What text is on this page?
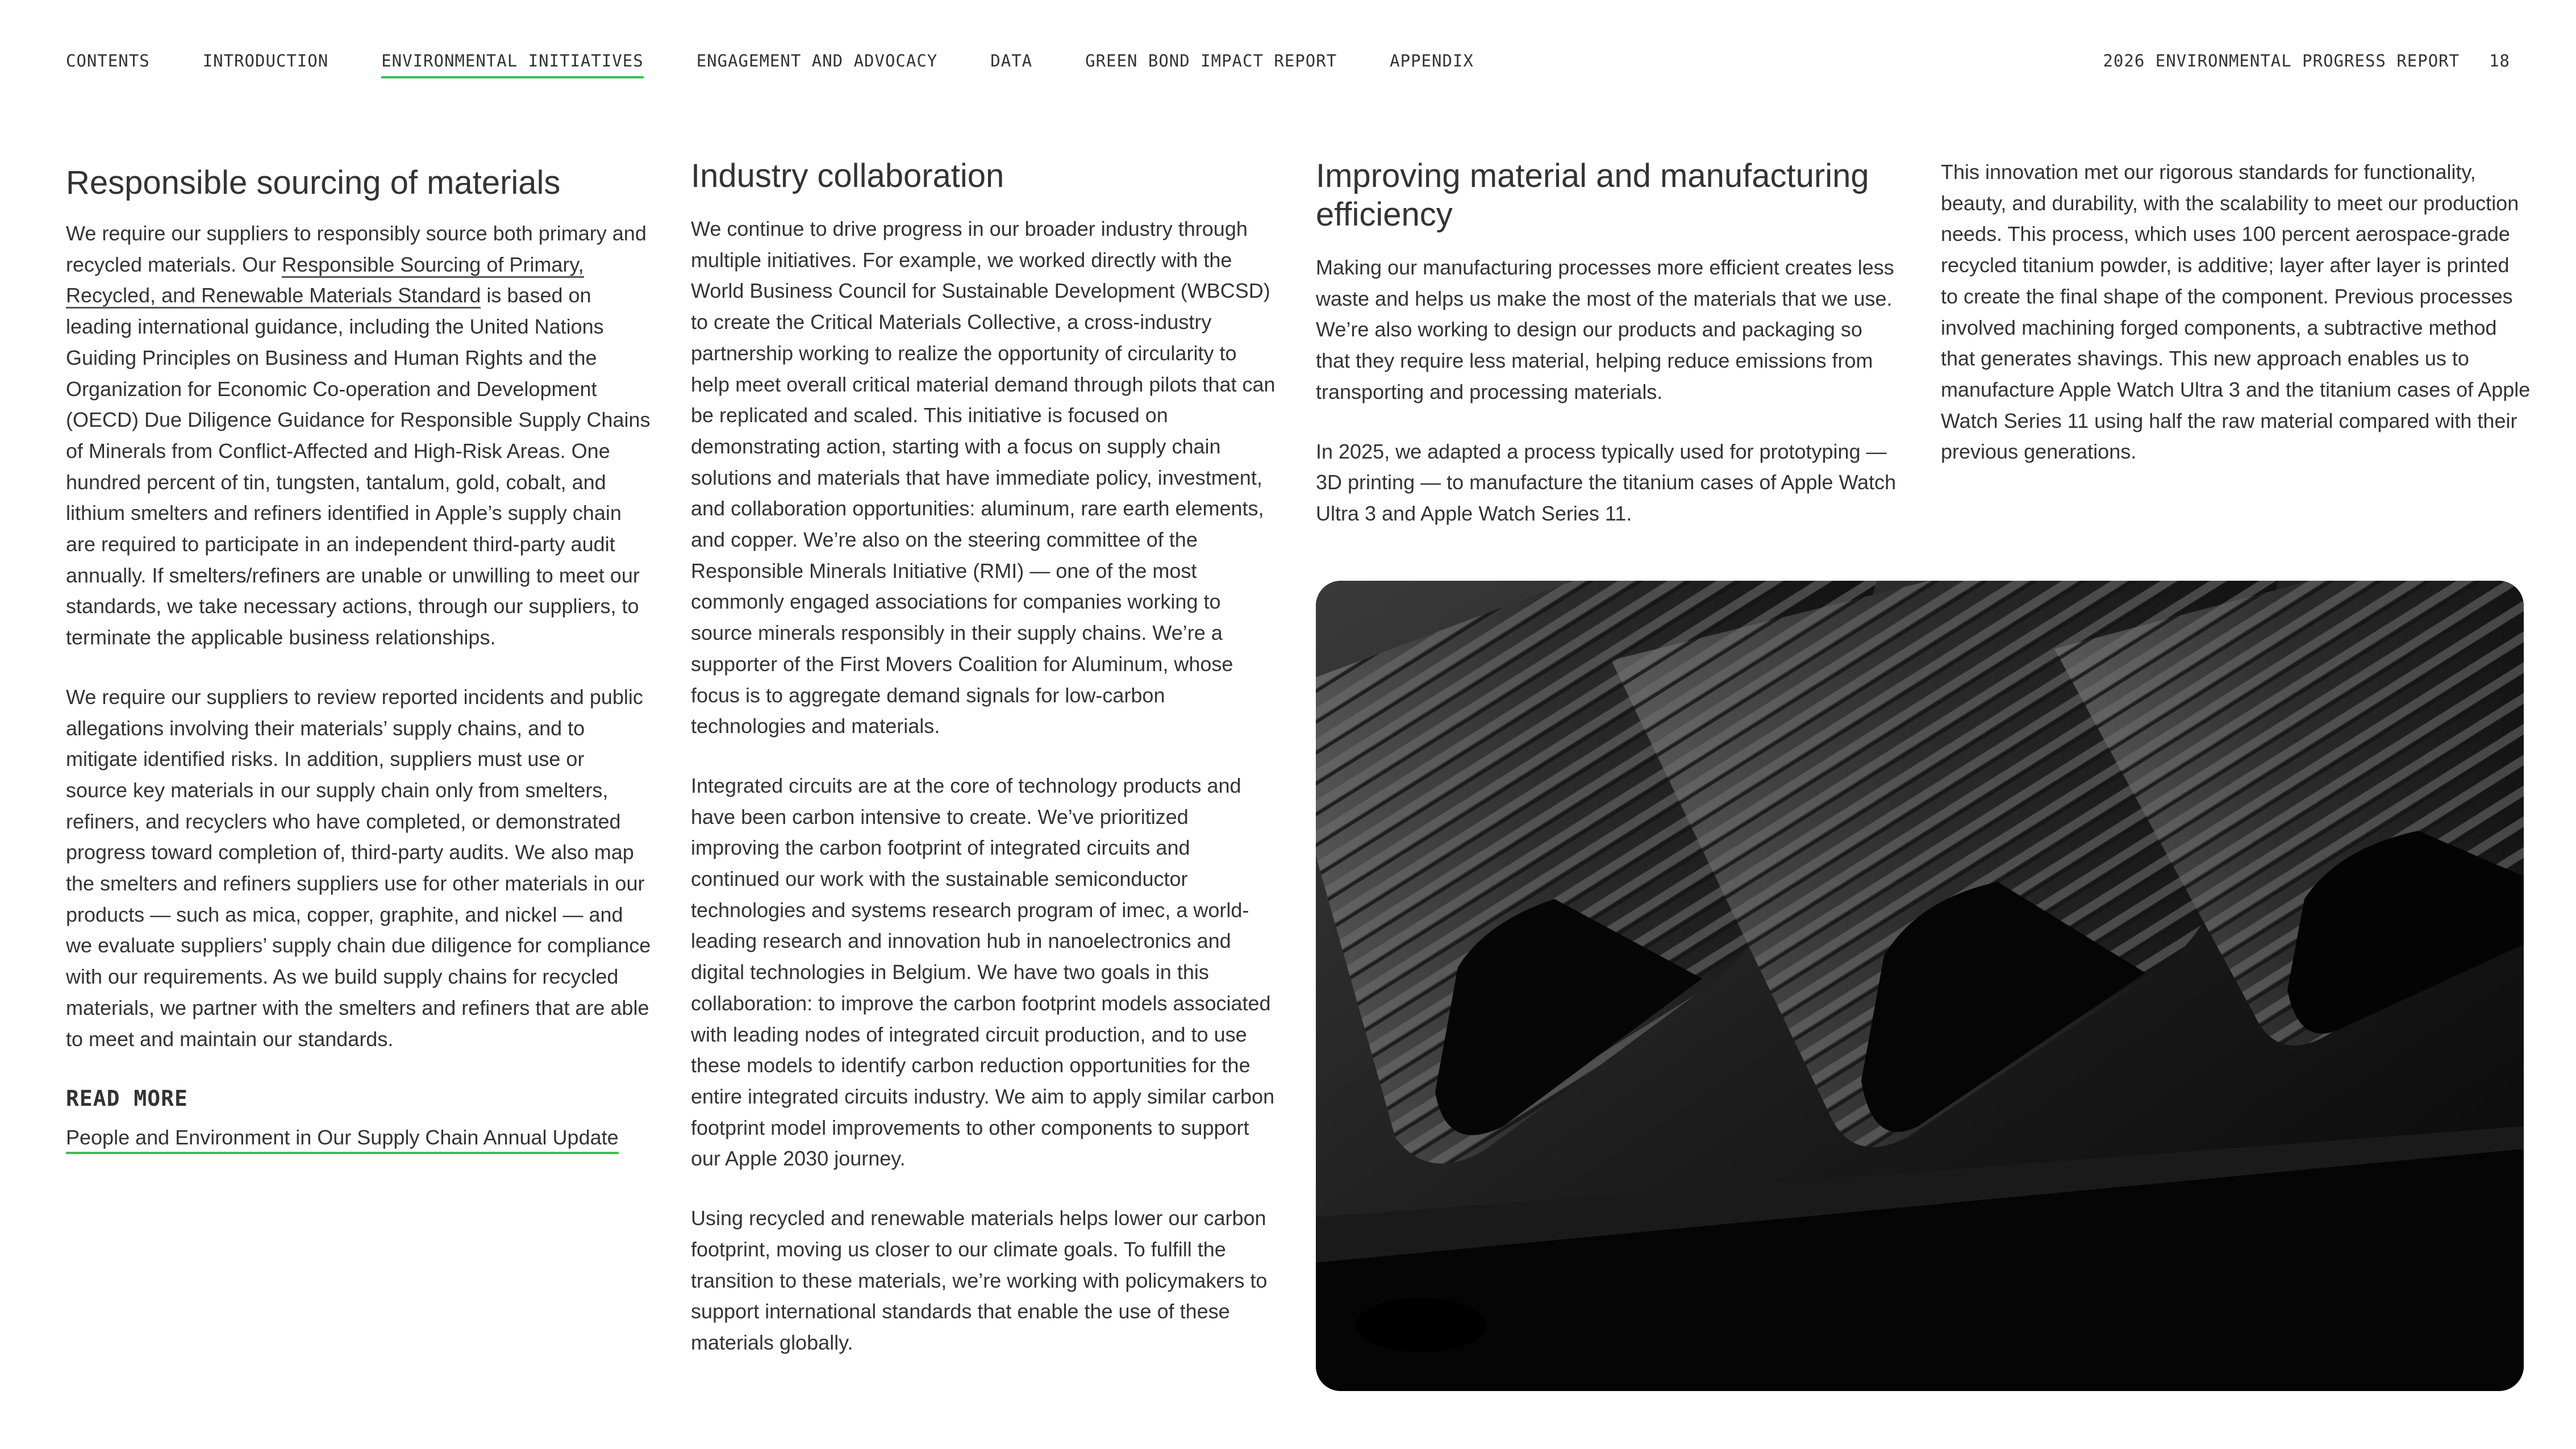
CONTENTS	INTRODUCTION	ENVIRONMENTAL INITIATIVES	ENGAGEMENT AND ADVOCACY	DATA	GREEN BOND IMPACT REPORT	APPENDIX	2026 ENVIRONMENTAL PROGRESS REPORT 18
Responsible sourcing of materials

We require our suppliers to responsibly source both primary and recycled materials. Our Responsible Sourcing of Primary, Recycled, and Renewable Materials Standard is based on leading international guidance, including the United Nations Guiding Principles on Business and Human Rights and the Organization for Economic Co-operation and Development (OECD) Due Diligence Guidance for Responsible Supply Chains of Minerals from Conflict-Affected and High-Risk Areas. One hundred percent of tin, tungsten, tantalum, gold, cobalt, and lithium smelters and refiners identified in Apple’s supply chain are required to participate in an independent third-party audit annually. If smelters/refiners are unable or unwilling to meet our standards, we take necessary actions, through our suppliers, to terminate the applicable business relationships.

We require our suppliers to review reported incidents and public allegations involving their materials’ supply chains, and to mitigate identified risks. In addition, suppliers must use or source key materials in our supply chain only from smelters, refiners, and recyclers who have completed, or demonstrated progress toward completion of, third-party audits. We also map the smelters and refiners suppliers use for other materials in our products — such as mica, copper, graphite, and nickel — and we evaluate suppliers’ supply chain due diligence for compliance with our requirements. As we build supply chains for recycled materials, we partner with the smelters and refiners that are able to meet and maintain our standards.

READ MORE
People and Environment in Our Supply Chain Annual Update
Industry collaboration

We continue to drive progress in our broader industry through multiple initiatives. For example, we worked directly with the World Business Council for Sustainable Development (WBCSD) to create the Critical Materials Collective, a cross-industry partnership working to realize the opportunity of circularity to help meet overall critical material demand through pilots that can be replicated and scaled. This initiative is focused on demonstrating action, starting with a focus on supply chain solutions and materials that have immediate policy, investment, and collaboration opportunities: aluminum, rare earth elements, and copper. We’re also on the steering committee of the Responsible Minerals Initiative (RMI) — one of the most commonly engaged associations for companies working to source minerals responsibly in their supply chains. We’re a supporter of the First Movers Coalition for Aluminum, whose focus is to aggregate demand signals for low-carbon technologies and materials.

Integrated circuits are at the core of technology products and have been carbon intensive to create. We’ve prioritized improving the carbon footprint of integrated circuits and continued our work with the sustainable semiconductor technologies and systems research program of imec, a world-leading research and innovation hub in nanoelectronics and digital technologies in Belgium. We have two goals in this collaboration: to improve the carbon footprint models associated with leading nodes of integrated circuit production, and to use these models to identify carbon reduction opportunities for the entire integrated circuits industry. We aim to apply similar carbon footprint model improvements to other components to support our Apple 2030 journey.

Using recycled and renewable materials helps lower our carbon footprint, moving us closer to our climate goals. To fulfill the transition to these materials, we’re working with policymakers to support international standards that enable the use of these materials globally.

Improving material and manufacturing efficiency

Making our manufacturing processes more efficient creates less waste and helps us make the most of the materials that we use. We’re also working to design our products and packaging so that they require less material, helping reduce emissions from transporting and processing materials.

In 2025, we adapted a process typically used for prototyping — 3D printing — to manufacture the titanium cases of Apple Watch Ultra 3 and Apple Watch Series 11.

This innovation met our rigorous standards for functionality, beauty, and durability, with the scalability to meet our production needs. This process, which uses 100 percent aerospace-grade recycled titanium powder, is additive; layer after layer is printed to create the final shape of the component. Previous processes involved machining forged components, a subtractive method that generates shavings. This new approach enables us to manufacture Apple Watch Ultra 3 and the titanium cases of Apple Watch Series 11 using half the raw material compared with their previous generations.
